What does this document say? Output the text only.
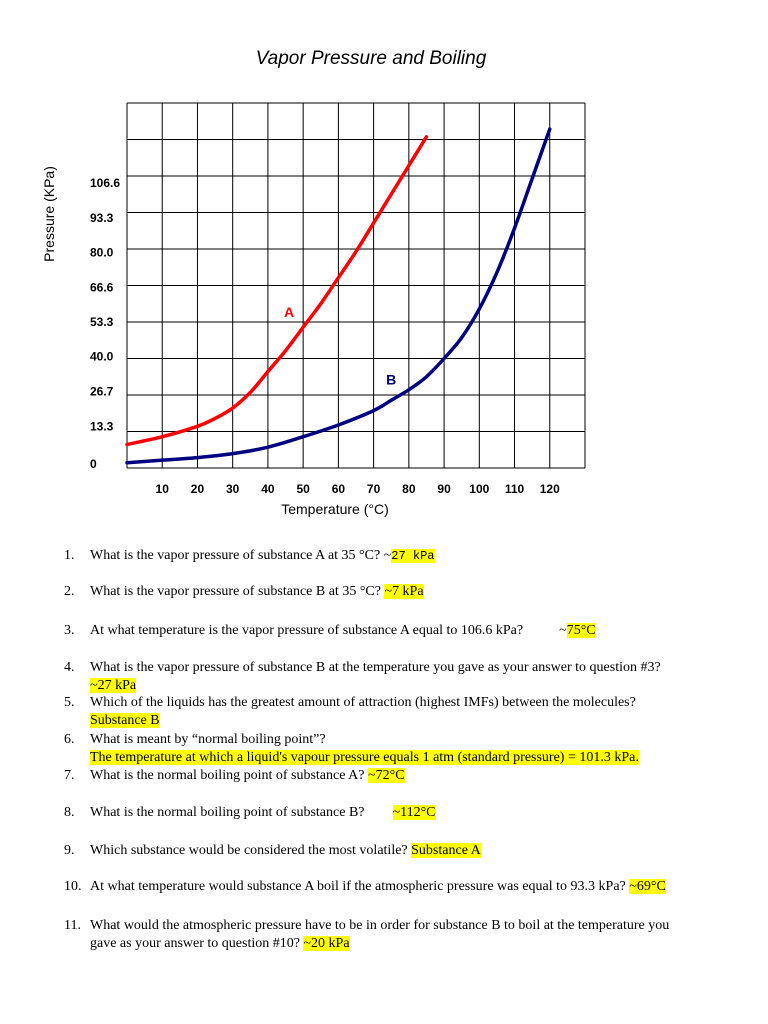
Vapor Pressure and Boiling
0
13.3
26.7
40.0
53.3
66.6
80.0
93.3
106.6
10 20 30 40 50 60 70 80 90 100 110 120
A
B
Temperature (°C)
Pressure (KPa)
1.	What is the vapor pressure of substance A at 35 °C? ~27 kPa
2.	What is the vapor pressure of substance B at 35 °C? ~7 kPa
3.	At what temperature is the vapor pressure of substance A equal to 106.6 kPa?	~75°C
4.	What is the vapor pressure of substance B at the temperature you gave as your answer to question #3?
~27 kPa
5.	Which of the liquids has the greatest amount of attraction (highest IMFs) between the molecules?
Substance B
6.	What is meant by “normal boiling point”?
The temperature at which a liquid's vapour pressure equals 1 atm (standard pressure) = 101.3 kPa.
7.	What is the normal boiling point of substance A? ~72°C
8.	What is the normal boiling point of substance B? ~112°C
9.	Which substance would be considered the most volatile? Substance A
10. At what temperature would substance A boil if the atmospheric pressure was equal to 93.3 kPa? ~69°C
11. What would the atmospheric pressure have to be in order for substance B to boil at the temperature you
gave as your answer to question #10? ~20 kPa
